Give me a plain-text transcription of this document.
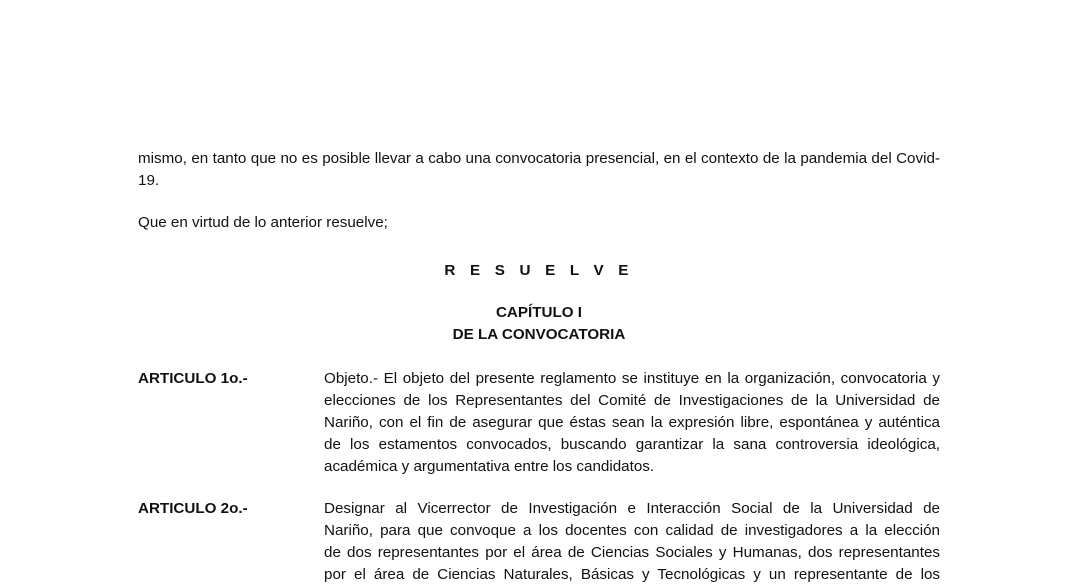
mismo, en tanto que no es posible llevar a cabo una convocatoria presencial, en el contexto de la pandemia del Covid-19.

Que en virtud de lo anterior resuelve;

R E S U E L V E

CAPÍTULO I

DE LA CONVOCATORIA

ARTICULO 1o.-	Objeto.- El objeto del presente reglamento se instituye en la organización, convocatoria y
elecciones de los Representantes del Comité de Investigaciones de la Universidad de
Nariño, con el fin de asegurar que éstas sean la expresión libre, espontánea y auténtica
de los estamentos convocados, buscando garantizar la sana controversia ideológica,
académica y argumentativa entre los candidatos.
ARTICULO 2o.-	Designar al Vicerrector de Investigación e Interacción Social de la Universidad de
Nariño, para que convoque a los docentes con calidad de investigadores a la elección
de dos representantes por el área de Ciencias Sociales y Humanas, dos representantes
por el área de Ciencias Naturales, Básicas y Tecnológicas y un representante de los
